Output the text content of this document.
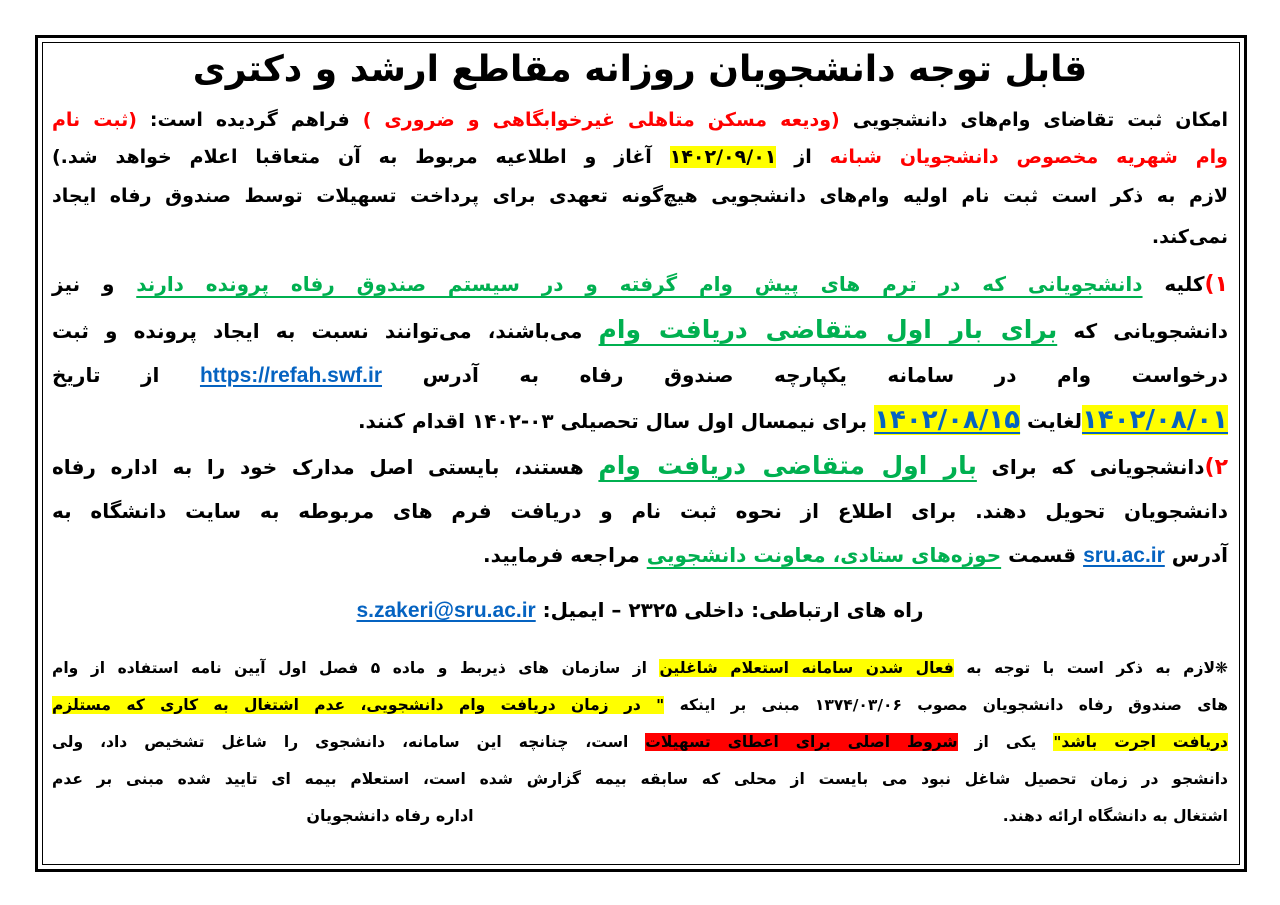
قابل توجه دانشجویان روزانه مقاطع ارشد و دکتری
امکان ثبت تقاضای وام‌های دانشجویی (ودیعه مسکن متاهلی غیرخوابگاهی و ضروری ) فراهم گردیده است: (ثبت نام
وام شهریه مخصوص دانشجویان شبانه از ۱۴۰۲/۰۹/۰۱ آغاز و اطلاعیه مربوط به آن متعاقبا اعلام خواهد شد.)
لازم به ذکر است ثبت نام اولیه وام‌های دانشجویی هیچ‌گونه تعهدی برای پرداخت تسهیلات توسط صندوق رفاه ایجاد
نمی‌کند.
۱)کلیه دانشجویانی که در ترم های پیش وام گرفته و در سیستم صندوق رفاه پرونده دارند و نیز
دانشجویانی که برای بار اول متقاضی دریافت وام می‌باشند، می‌توانند نسبت به ایجاد پرونده و ثبت
درخواست وام در سامانه یکپارچه صندوق رفاه به آدرس https://refah.swf.ir از تاریخ
۱۴۰۲/۰۸/۰۱لغایت ۱۴۰۲/۰۸/۱۵ برای نیمسال اول سال تحصیلی ۰۳-۱۴۰۲ اقدام کنند.
۲)دانشجویانی که برای بار اول متقاضی دریافت وام هستند، بایستی اصل مدارک خود را به اداره رفاه
دانشجویان تحویل دهند. برای اطلاع از نحوه ثبت نام و دریافت فرم های مربوطه به سایت دانشگاه به
آدرس sru.ac.ir قسمت حوزه‌های ستادی، معاونت دانشجویی مراجعه فرمایید.
راه های ارتباطی: داخلی ۲۳۲۵ – ایمیل: s.zakeri@sru.ac.ir
❋لازم به ذکر است با توجه به فعال شدن سامانه استعلام شاغلین از سازمان های ذیربط و ماده ۵ فصل اول آیین نامه استفاده از وام
های صندوق رفاه دانشجویان مصوب ۱۳۷۴/۰۳/۰۶ مبنی بر اینکه " در زمان دریافت وام دانشجویی، عدم اشتغال به کاری که مستلزم
دریافت اجرت باشد" یکی از شروط اصلی برای اعطای تسهیلات است، چنانچه این سامانه، دانشجوی را شاغل تشخیص داد، ولی
دانشجو در زمان تحصیل شاغل نبود می بایست از محلی که سابقه بیمه گزارش شده است، استعلام بیمه ای تایید شده مبنی بر عدم
اشتغال به دانشگاه ارائه دهند.
اداره رفاه دانشجویان
